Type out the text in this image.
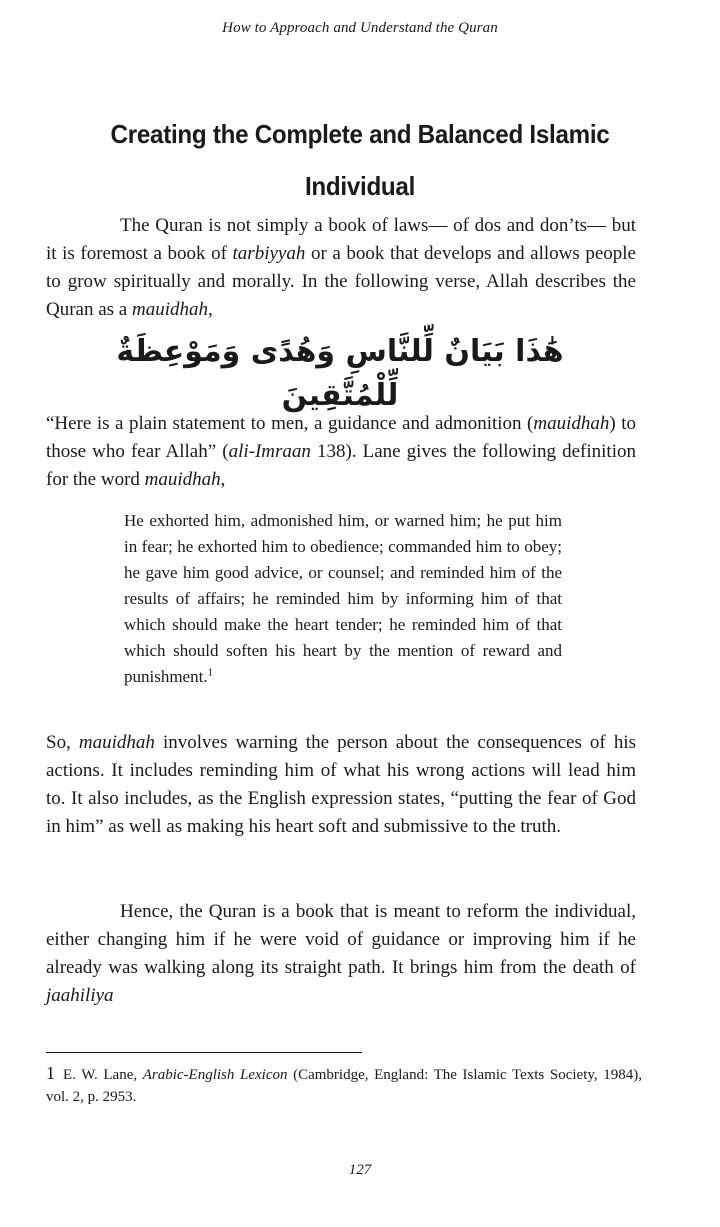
How to Approach and Understand the Quran
Creating the Complete and Balanced Islamic Individual

The Quran is not simply a book of laws— of dos and don’ts— but it is foremost a book of tarbiyyah or a book that develops and allows people to grow spiritually and morally. In the following verse, Allah describes the Quran as a mauidhah,

هَٰذَا بَيَانٌ لِّلنَّاسِ وَهُدًى وَمَوْعِظَةٌ لِّلْمُتَّقِينَ

“Here is a plain statement to men, a guidance and admonition (mauidhah) to those who fear Allah” (ali-Imraan 138). Lane gives the following definition for the word mauidhah,

He exhorted him, admonished him, or warned him; he put him in fear; he exhorted him to obedience; commanded him to obey; he gave him good advice, or counsel; and reminded him of the results of affairs; he reminded him by informing him of that which should make the heart tender; he reminded him of that which should soften his heart by the mention of reward and punishment.$^1$

So, mauidhah involves warning the person about the consequences of his actions. It includes reminding him of what his wrong actions will lead him to. It also includes, as the English expression states, “putting the fear of God in him” as well as making his heart soft and submissive to the truth.

Hence, the Quran is a book that is meant to reform the individual, either changing him if he were void of guidance or improving him if he already was walking along its straight path. It brings him from the death of jaahiliya

1 E. W. Lane, Arabic-English Lexicon (Cambridge, England: The Islamic Texts Society, 1984), vol. 2, p. 2953.

127
